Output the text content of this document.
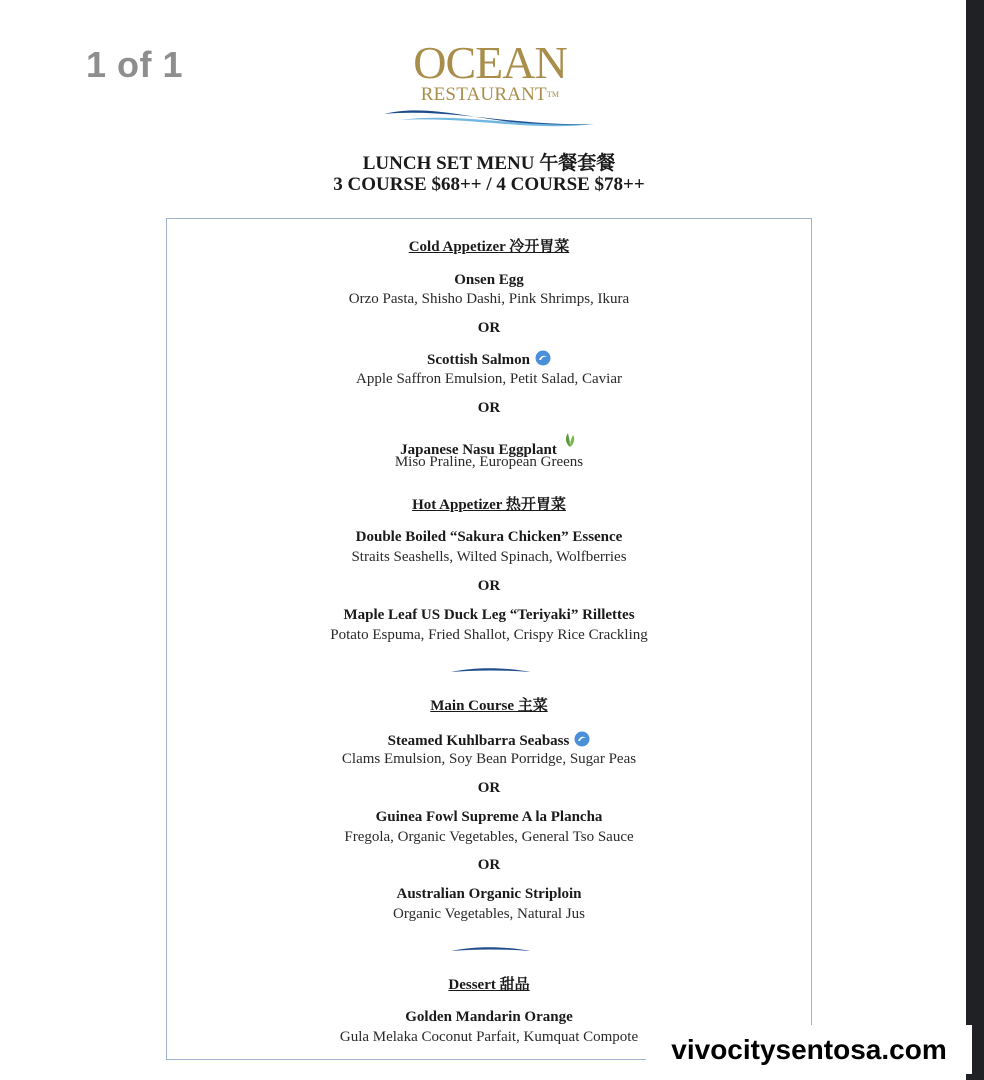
1 of 1	OCEAN
RESTAURANT™
LUNCH SET MENU 午餐套餐
3 COURSE $68++ / 4 COURSE $78++
Cold Appetizer 冷开胃菜
Onsen Egg
Orzo Pasta, Shisho Dashi, Pink Shrimps, Ikura
OR
Scottish Salmon
Apple Saffron Emulsion, Petit Salad, Caviar
OR
Japanese Nasu Eggplant
Miso Praline, European Greens
Hot Appetizer 热开胃菜
Double Boiled “Sakura Chicken” Essence
Straits Seashells, Wilted Spinach, Wolfberries
OR
Maple Leaf US Duck Leg “Teriyaki” Rillettes
Potato Espuma, Fried Shallot, Crispy Rice Crackling
Main Course 主菜
Steamed Kuhlbarra Seabass
Clams Emulsion, Soy Bean Porridge, Sugar Peas
OR
Guinea Fowl Supreme A la Plancha
Fregola, Organic Vegetables, General Tso Sauce
OR
Australian Organic Striploin
Organic Vegetables, Natural Jus
Dessert 甜品
Golden Mandarin Orange
Gula Melaka Coconut Parfait, Kumquat Compote	vivocitysentosa.com
